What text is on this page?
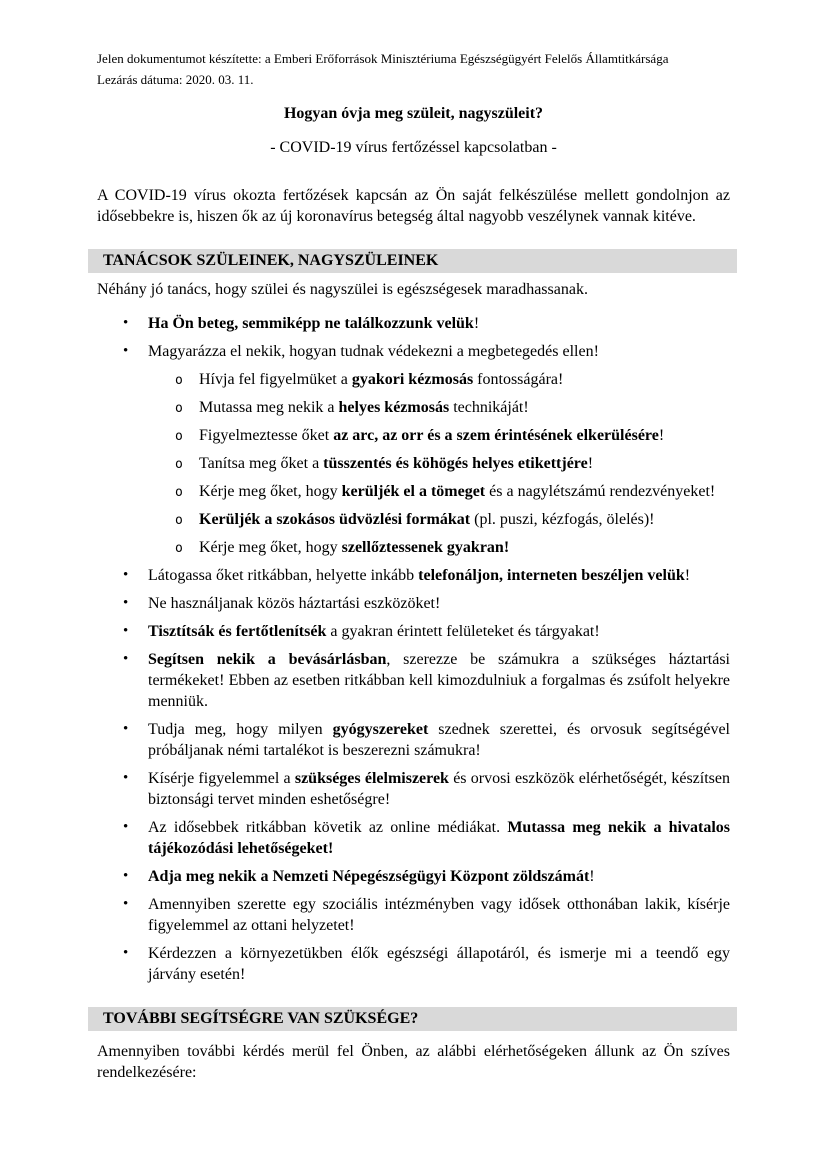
Jelen dokumentumot készítette: a Emberi Erőforrások Minisztériuma Egészségügyért Felelős Államtitkársága

Lezárás dátuma: 2020. 03. 11.

Hogyan óvja meg szüleit, nagyszüleit?

- COVID-19 vírus fertőzéssel kapcsolatban -

A COVID-19 vírus okozta fertőzések kapcsán az Ön saját felkészülése mellett gondolnjon az idősebbekre is, hiszen ők az új koronavírus betegség által nagyobb veszélynek vannak kitéve.

TANÁCSOK SZÜLEINEK, NAGYSZÜLEINEK

Néhány jó tanács, hogy szülei és nagyszülei is egészségesek maradhassanak.

• Ha Ön beteg, semmiképp ne találkozzunk velük!
• Magyarázza el nekik, hogyan tudnak védekezni a megbetegedés ellen!
o Hívja fel figyelmüket a gyakori kézmosás fontosságára!
o Mutassa meg nekik a helyes kézmosás technikáját!
o Figyelmeztesse őket az arc, az orr és a szem érintésének elkerülésére!
o Tanítsa meg őket a tüsszentés és köhögés helyes etikettjére!
o Kérje meg őket, hogy kerüljék el a tömeget és a nagylétszámú rendezvényeket!
o Kerüljék a szokásos üdvözlési formákat (pl. puszi, kézfogás, ölelés)!
o Kérje meg őket, hogy szellőztessenek gyakran!
• Látogassa őket ritkábban, helyette inkább telefonáljon, interneten beszéljen velük!
• Ne használjanak közös háztartási eszközöket!
• Tisztítsák és fertőtlenítsék a gyakran érintett felületeket és tárgyakat!
• Segítsen nekik a bevásárlásban, szerezze be számukra a szükséges háztartási termékeket! Ebben az esetben ritkábban kell kimozdulniuk a forgalmas és zsúfolt helyekre menniük.
• Tudja meg, hogy milyen gyógyszereket szednek szerettei, és orvosuk segítségével próbáljanak némi tartalékot is beszerezni számukra!
• Kísérje figyelemmel a szükséges élelmiszerek és orvosi eszközök elérhetőségét, készítsen biztonsági tervet minden eshetőségre!
• Az idősebbek ritkábban követik az online médiákat. Mutassa meg nekik a hivatalos tájékozódási lehetőségeket!
• Adja meg nekik a Nemzeti Népegészségügyi Központ zöldszámát!
• Amennyiben szerette egy szociális intézményben vagy idősek otthonában lakik, kísérje figyelemmel az ottani helyzetet!
• Kérdezzen a környezetükben élők egészségi állapotáról, és ismerje mi a teendő egy járvány esetén!
TOVÁBBI SEGÍTSÉGRE VAN SZÜKSÉGE?

Amennyiben további kérdés merül fel Önben, az alábbi elérhetőségeken állunk az Ön szíves rendelkezésére:
